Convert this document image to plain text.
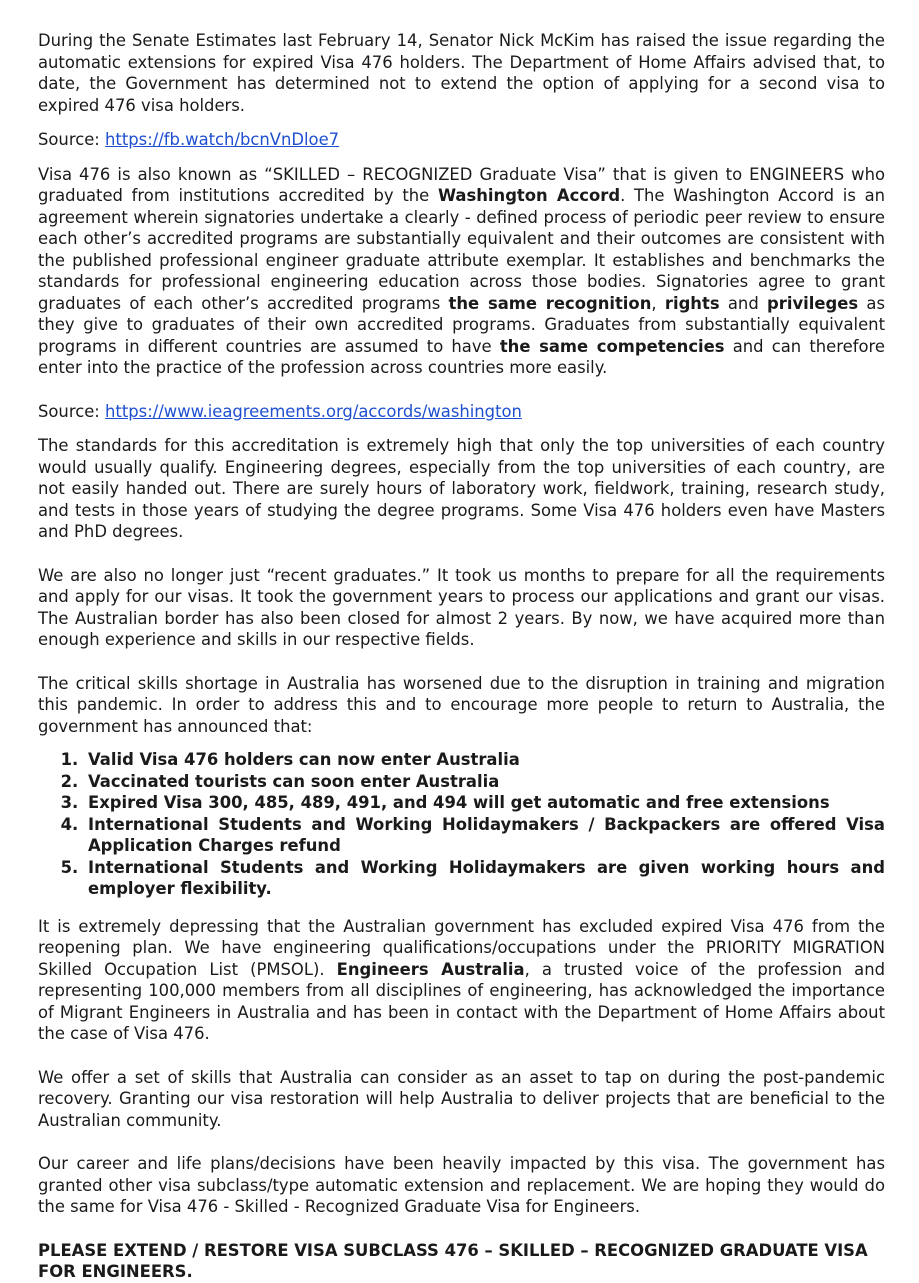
During the Senate Estimates last February 14, Senator Nick McKim has raised the issue regarding the automatic extensions for expired Visa 476 holders. The Department of Home Affairs advised that, to date, the Government has determined not to extend the option of applying for a second visa to expired 476 visa holders.

Source: https://fb.watch/bcnVnDloe7

Visa 476 is also known as “SKILLED – RECOGNIZED Graduate Visa” that is given to ENGINEERS who graduated from institutions accredited by the Washington Accord. The Washington Accord is an agreement wherein signatories undertake a clearly - defined process of periodic peer review to ensure each other’s accredited programs are substantially equivalent and their outcomes are consistent with the published professional engineer graduate attribute exemplar. It establishes and benchmarks the standards for professional engineering education across those bodies. Signatories agree to grant graduates of each other’s accredited programs the same recognition, rights and privileges as they give to graduates of their own accredited programs. Graduates from substantially equivalent programs in different countries are assumed to have the same competencies and can therefore enter into the practice of the profession across countries more easily.

Source: https://www.ieagreements.org/accords/washington

The standards for this accreditation is extremely high that only the top universities of each country would usually qualify. Engineering degrees, especially from the top universities of each country, are not easily handed out. There are surely hours of laboratory work, fieldwork, training, research study, and tests in those years of studying the degree programs. Some Visa 476 holders even have Masters and PhD degrees.

We are also no longer just “recent graduates.” It took us months to prepare for all the requirements and apply for our visas. It took the government years to process our applications and grant our visas. The Australian border has also been closed for almost 2 years. By now, we have acquired more than enough experience and skills in our respective fields.

The critical skills shortage in Australia has worsened due to the disruption in training and migration this pandemic. In order to address this and to encourage more people to return to Australia, the government has announced that:

1. Valid Visa 476 holders can now enter Australia
2. Vaccinated tourists can soon enter Australia
3. Expired Visa 300, 485, 489, 491, and 494 will get automatic and free extensions
4. International Students and Working Holidaymakers / Backpackers are offered Visa Application Charges refund
5. International Students and Working Holidaymakers are given working hours and employer flexibility.

It is extremely depressing that the Australian government has excluded expired Visa 476 from the reopening plan. We have engineering qualifications/occupations under the PRIORITY MIGRATION Skilled Occupation List (PMSOL). Engineers Australia, a trusted voice of the profession and representing 100,000 members from all disciplines of engineering, has acknowledged the importance of Migrant Engineers in Australia and has been in contact with the Department of Home Affairs about the case of Visa 476.

We offer a set of skills that Australia can consider as an asset to tap on during the post-pandemic recovery. Granting our visa restoration will help Australia to deliver projects that are beneficial to the Australian community.

Our career and life plans/decisions have been heavily impacted by this visa. The government has granted other visa subclass/type automatic extension and replacement. We are hoping they would do the same for Visa 476 - Skilled - Recognized Graduate Visa for Engineers.

PLEASE EXTEND / RESTORE VISA SUBCLASS 476 – SKILLED – RECOGNIZED GRADUATE VISA FOR ENGINEERS.
